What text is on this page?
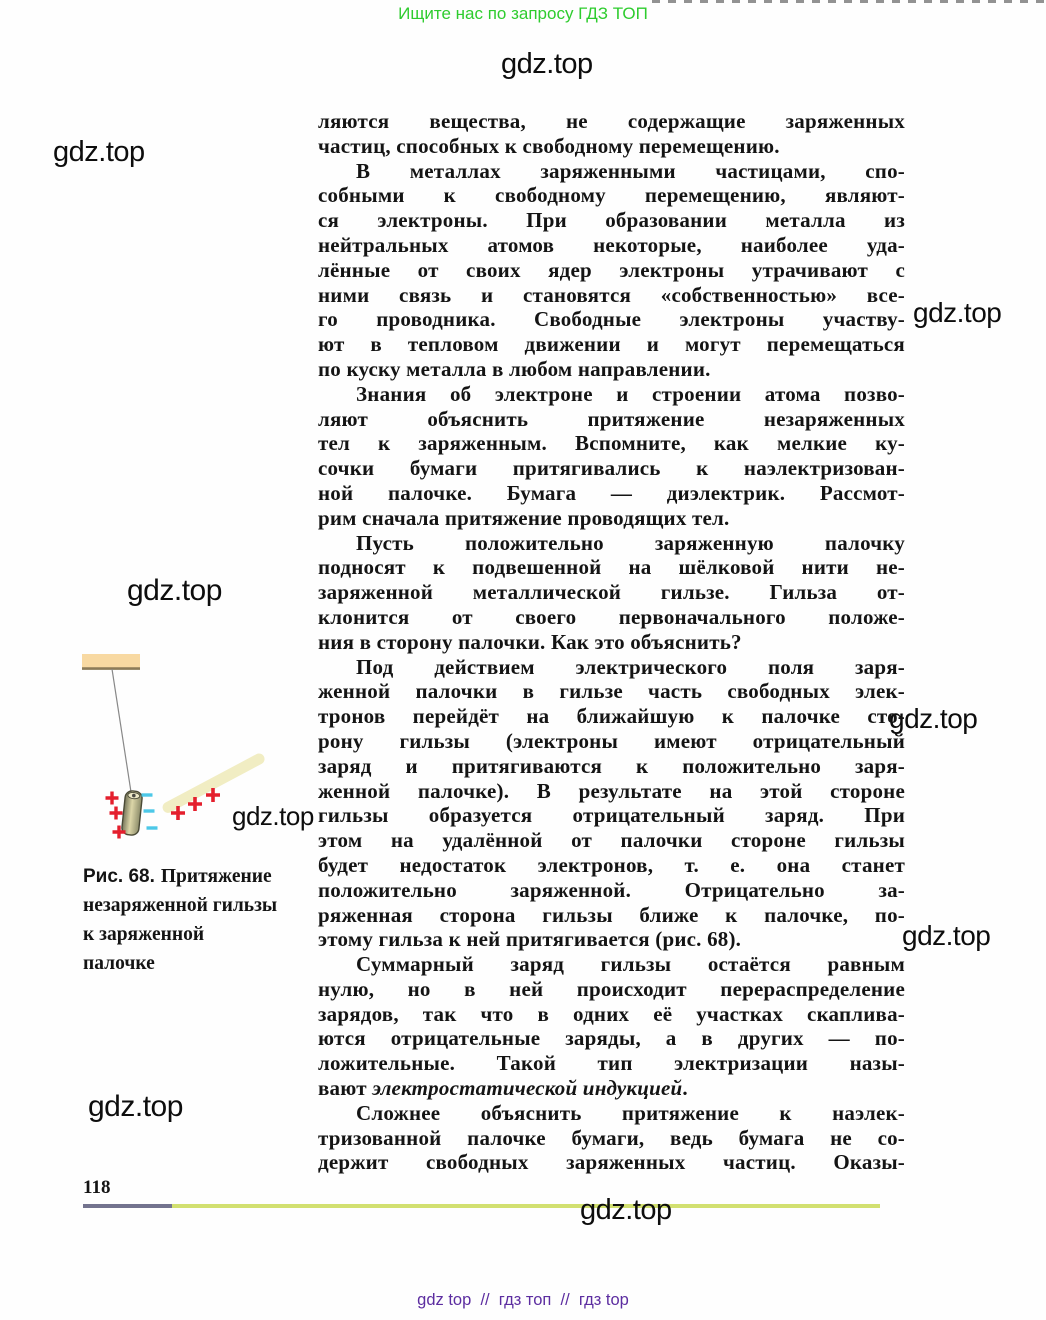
Ищите нас по запросу ГДЗ ТОП
gdz.top
gdz.top
gdz.top
gdz.top
gdz.top
gdz.top
gdz.top
gdz.top
gdz.top
ляются вещества, не содержащие заряженных
частиц, способных к свободному перемещению.
В металлах заряженными частицами, спо-
собными к свободному перемещению, являют-
ся электроны. При образовании металла из
нейтральных атомов некоторые, наиболее уда-
лённые от своих ядер электроны утрачивают с
ними связь и становятся «собственностью» все-
го проводника. Свободные электроны участву-
ют в тепловом движении и могут перемещаться
по куску металла в любом направлении.
Знания об электроне и строении атома позво-
ляют объяснить притяжение незаряженных
тел к заряженным. Вспомните, как мелкие ку-
сочки бумаги притягивались к наэлектризован-
ной палочке. Бумага — диэлектрик. Рассмот-
рим сначала притяжение проводящих тел.
Пусть положительно заряженную палочку
подносят к подвешенной на шёлковой нити не-
заряженной металлической гильзе. Гильза от-
клонится от своего первоначального положе-
ния в сторону палочки. Как это объяснить?
Под действием электрического поля заря-
женной палочки в гильзе часть свободных элек-
тронов перейдёт на ближайшую к палочке сто-
рону гильзы (электроны имеют отрицательный
заряд и притягиваются к положительно заря-
женной палочке). В результате на этой стороне
гильзы образуется отрицательный заряд. При
этом на удалённой от палочки стороне гильзы
будет недостаток электронов, т. е. она станет
положительно заряженной. Отрицательно за-
ряженная сторона гильзы ближе к палочке, по-
этому гильза к ней притягивается (рис. 68).
Суммарный заряд гильзы остаётся равным
нулю, но в ней происходит перераспределение
зарядов, так что в одних её участках скаплива-
ются отрицательные заряды, а в других — по-
ложительные. Такой тип электризации назы-
вают электростатической индукцией.
Сложнее объяснить притяжение к наэлек-
тризованной палочке бумаги, ведь бумага не со-
держит свободных заряженных частиц. Оказы-
Рис. 68. Притяжение
незаряженной гильзы
к заряженной
палочке
118
gdz top  //  гдз топ  //  гдз top
